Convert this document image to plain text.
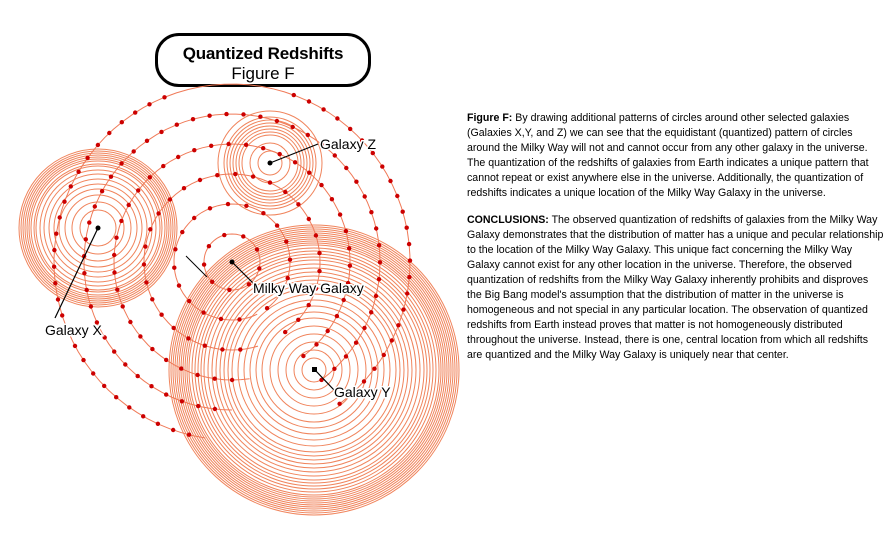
Quantized Redshifts
Figure F
Galaxy Z
Milky Way Galaxy
Galaxy X
Galaxy Y

Figure F: By drawing additional patterns of circles around other selected galaxies (Galaxies X,Y, and Z) we can see that the equidistant (quantized) pattern of circles around the Milky Way will not and cannot occur from any other galaxy in the universe. The quantization of the redshifts of galaxies from Earth indicates a unique pattern that cannot repeat or exist anywhere else in the universe. Additionally, the quantization of redshifts indicates a unique location of the Milky Way Galaxy in the universe.

CONCLUSIONS: The observed quantization of redshifts of galaxies from the Milky Way Galaxy demonstrates that the distribution of matter has a unique and pecular relationship to the location of the Milky Way Galaxy. This unique fact concerning the Milky Way Galaxy cannot exist for any other location in the universe. Therefore, the observed quantization of redshifts from the Milky Way Galaxy inherently prohibits and disproves the Big Bang model's assumption that the distribution of matter in the universe is homogeneous and not special in any particular location. The observation of quantized redshifts from Earth instead proves that matter is not homogeneously distributed throughout the universe. Instead, there is one, central location from which all redshifts are quantized and the Milky Way Galaxy is uniquely near that center.
